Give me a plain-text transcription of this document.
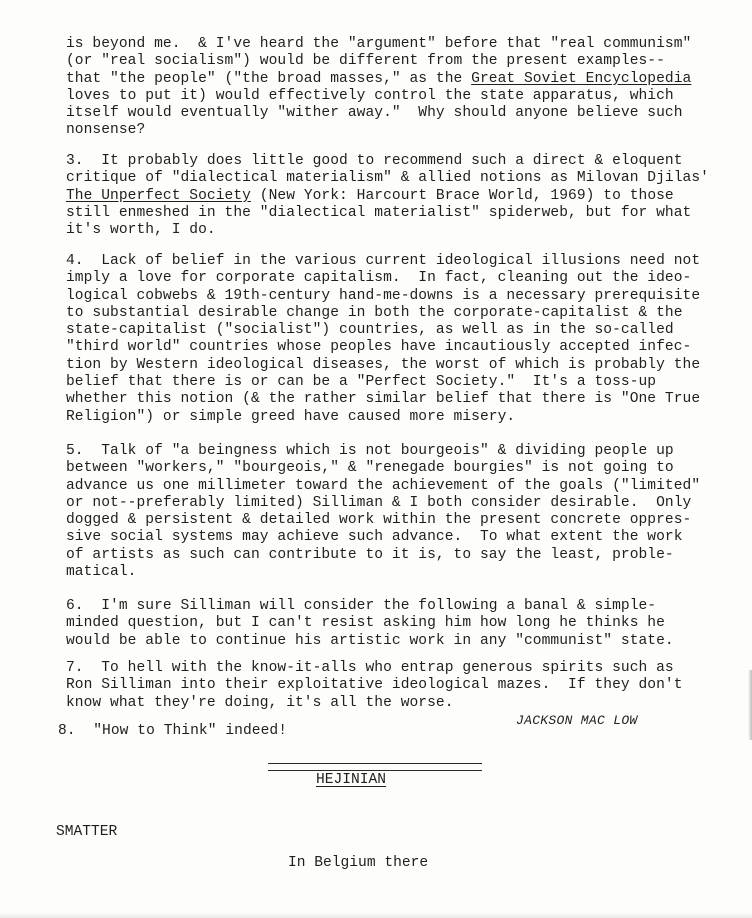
is beyond me.  & I've heard the "argument" before that "real communism"
(or "real socialism") would be different from the present examples--
that "the people" ("the broad masses," as the Great Soviet Encyclopedia
loves to put it) would effectively control the state apparatus, which
itself would eventually "wither away."  Why should anyone believe such
nonsense?
3.  It probably does little good to recommend such a direct & eloquent
critique of "dialectical materialism" & allied notions as Milovan Djilas'
The Unperfect Society (New York: Harcourt Brace World, 1969) to those
still enmeshed in the "dialectical materialist" spiderweb, but for what
it's worth, I do.
4.  Lack of belief in the various current ideological illusions need not
imply a love for corporate capitalism.  In fact, cleaning out the ideo-
logical cobwebs & 19th-century hand-me-downs is a necessary prerequisite
to substantial desirable change in both the corporate-capitalist & the
state-capitalist ("socialist") countries, as well as in the so-called
"third world" countries whose peoples have incautiously accepted infec-
tion by Western ideological diseases, the worst of which is probably the
belief that there is or can be a "Perfect Society."  It's a toss-up
whether this notion (& the rather similar belief that there is "One True
Religion") or simple greed have caused more misery.
5.  Talk of "a beingness which is not bourgeois" & dividing people up
between "workers," "bourgeois," & "renegade bourgies" is not going to
advance us one millimeter toward the achievement of the goals ("limited"
or not--preferably limited) Silliman & I both consider desirable.  Only
dogged & persistent & detailed work within the present concrete oppres-
sive social systems may achieve such advance.  To what extent the work
of artists as such can contribute to it is, to say the least, proble-
matical.
6.  I'm sure Silliman will consider the following a banal & simple-
minded question, but I can't resist asking him how long he thinks he
would be able to continue his artistic work in any "communist" state.
7.  To hell with the know-it-alls who entrap generous spirits such as
Ron Silliman into their exploitative ideological mazes.  If they don't
know what they're doing, it's all the worse.
8.  "How to Think" indeed!
JACKSON MAC LOW
HEJINIAN
SMATTER
In Belgium there
